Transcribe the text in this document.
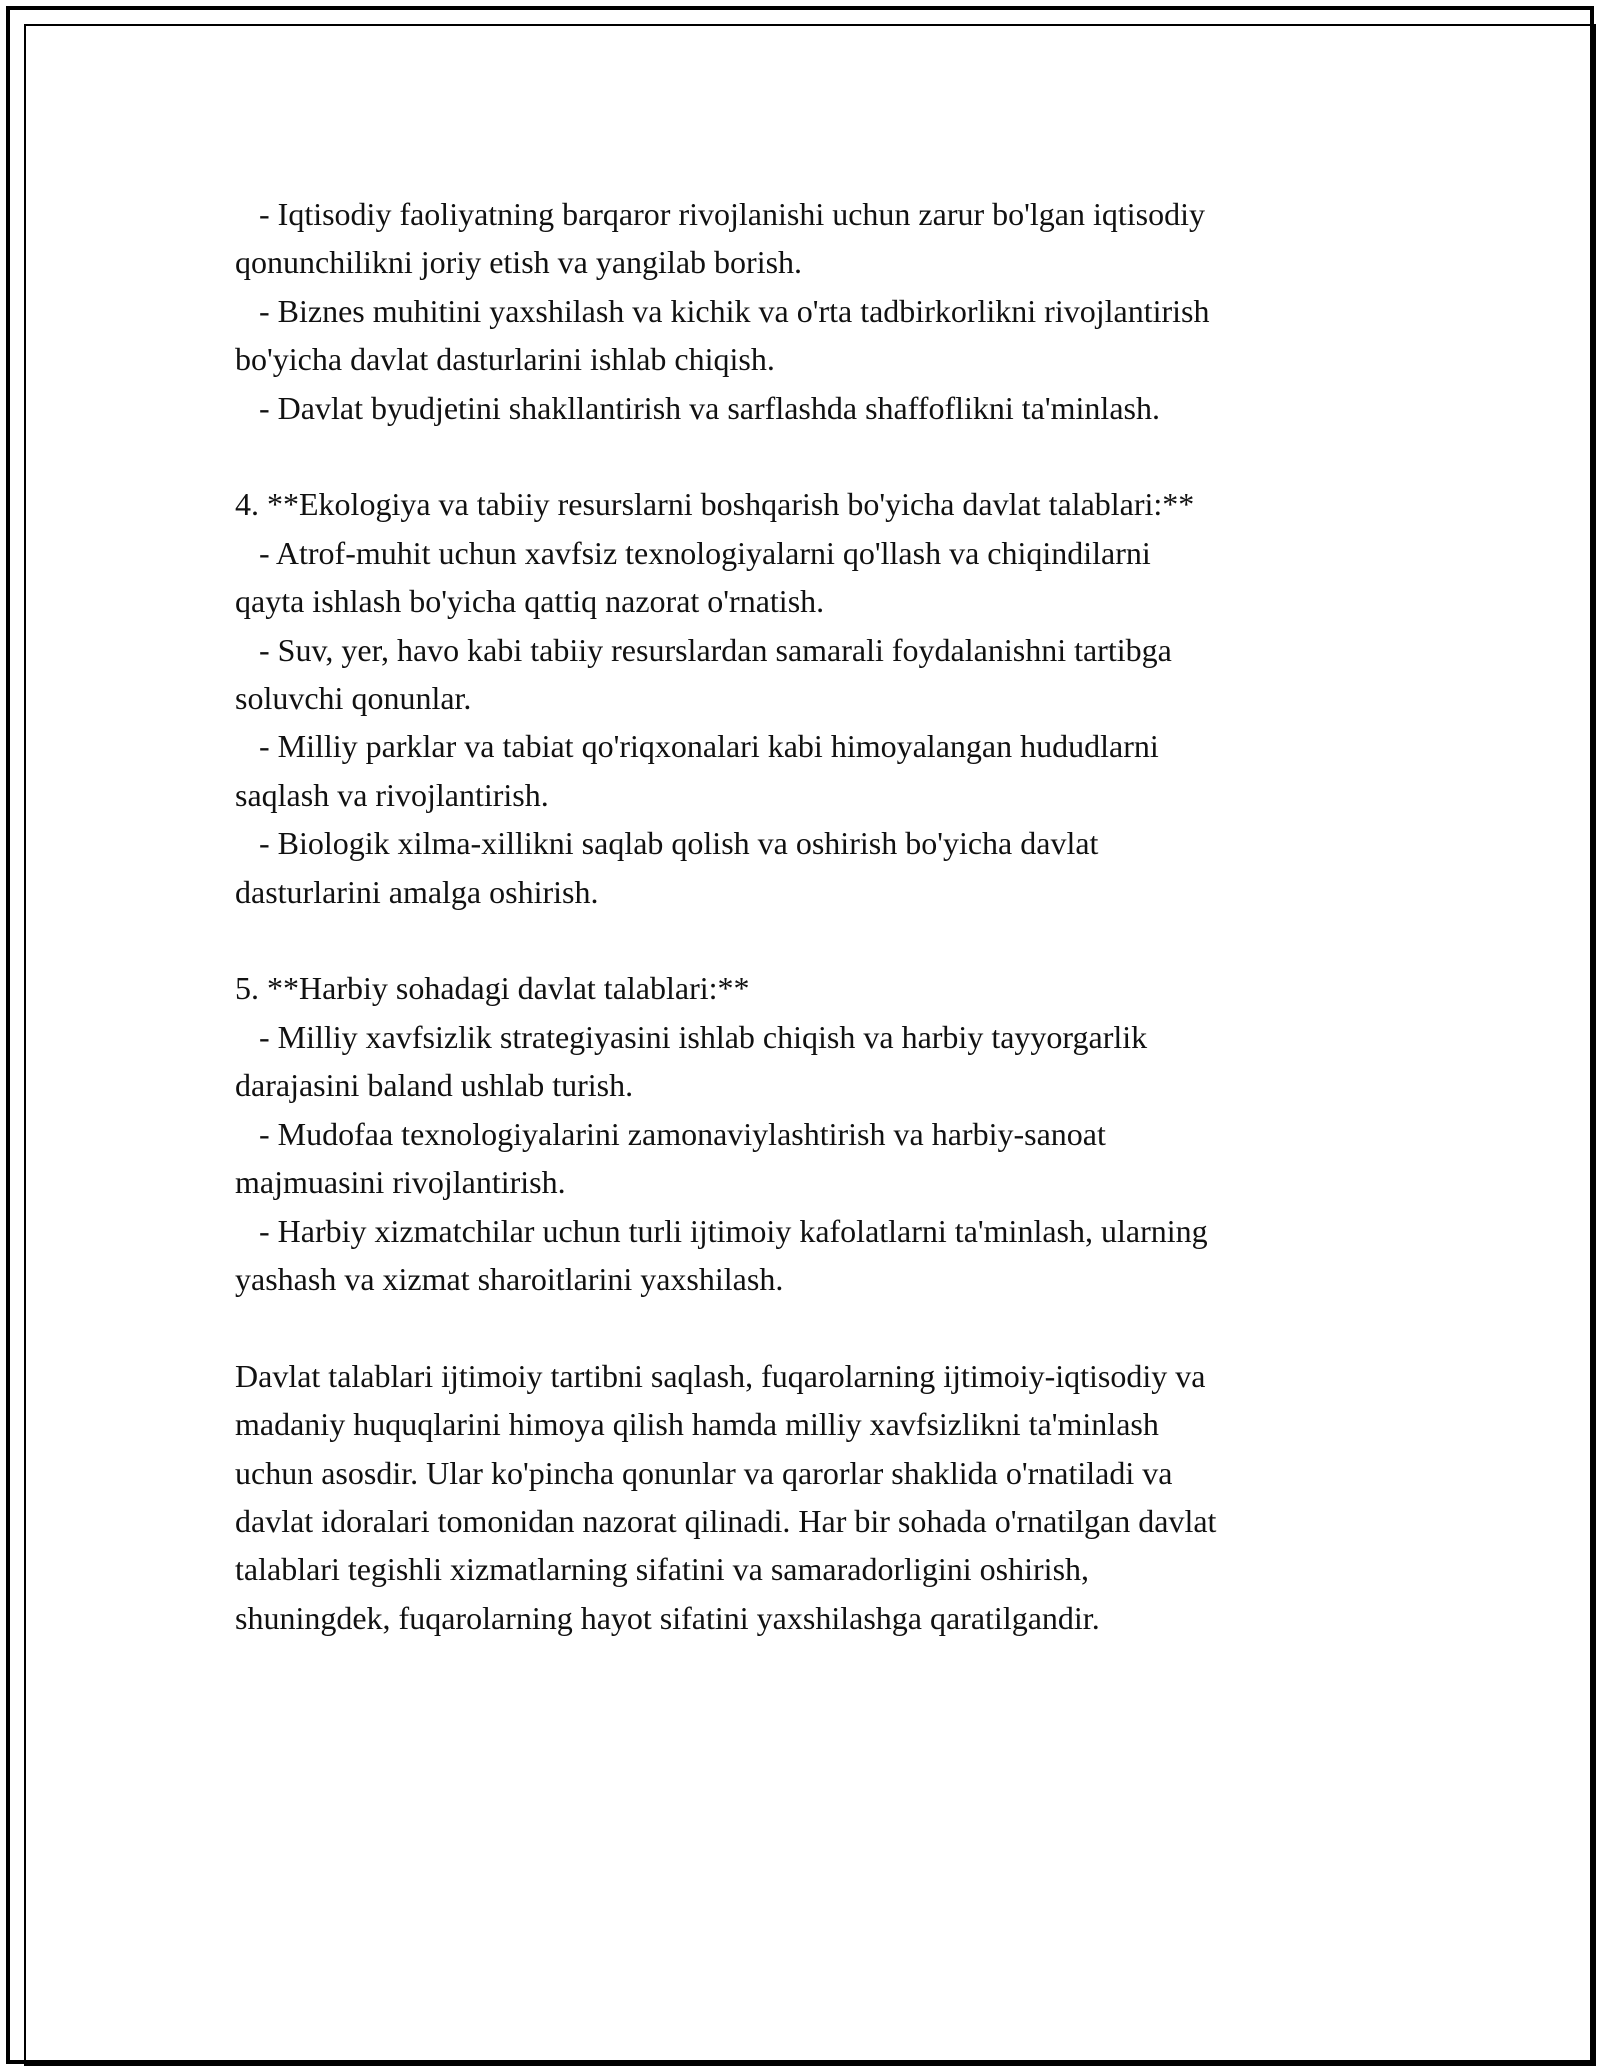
- Iqtisodiy faoliyatning barqaror rivojlanishi uchun zarur bo'lgan iqtisodiy
qonunchilikni joriy etish va yangilab borish.
- Biznes muhitini yaxshilash va kichik va o'rta tadbirkorlikni rivojlantirish
bo'yicha davlat dasturlarini ishlab chiqish.
- Davlat byudjetini shakllantirish va sarflashda shaffoflikni ta'minlash.
4. **Ekologiya va tabiiy resurslarni boshqarish bo'yicha davlat talablari:**
- Atrof-muhit uchun xavfsiz texnologiyalarni qo'llash va chiqindilarni
qayta ishlash bo'yicha qattiq nazorat o'rnatish.
- Suv, yer, havo kabi tabiiy resurslardan samarali foydalanishni tartibga
soluvchi qonunlar.
- Milliy parklar va tabiat qo'riqxonalari kabi himoyalangan hududlarni
saqlash va rivojlantirish.
- Biologik xilma-xillikni saqlab qolish va oshirish bo'yicha davlat
dasturlarini amalga oshirish.
5. **Harbiy sohadagi davlat talablari:**
- Milliy xavfsizlik strategiyasini ishlab chiqish va harbiy tayyorgarlik
darajasini baland ushlab turish.
- Mudofaa texnologiyalarini zamonaviylashtirish va harbiy-sanoat
majmuasini rivojlantirish.
- Harbiy xizmatchilar uchun turli ijtimoiy kafolatlarni ta'minlash, ularning
yashash va xizmat sharoitlarini yaxshilash.
Davlat talablari ijtimoiy tartibni saqlash, fuqarolarning ijtimoiy-iqtisodiy va
madaniy huquqlarini himoya qilish hamda milliy xavfsizlikni ta'minlash
uchun asosdir. Ular ko'pincha qonunlar va qarorlar shaklida o'rnatiladi va
davlat idoralari tomonidan nazorat qilinadi. Har bir sohada o'rnatilgan davlat
talablari tegishli xizmatlarning sifatini va samaradorligini oshirish,
shuningdek, fuqarolarning hayot sifatini yaxshilashga qaratilgandir.
